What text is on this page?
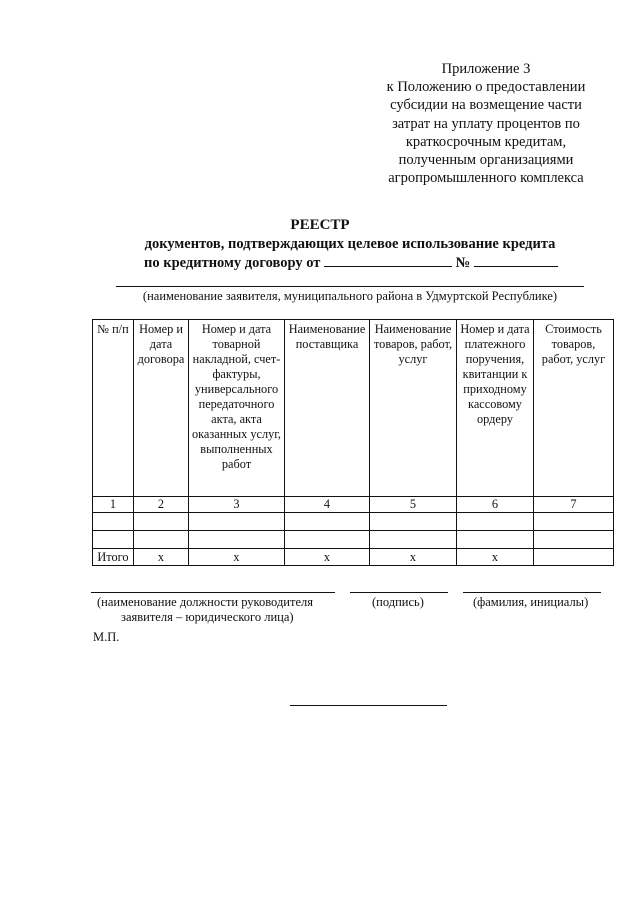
Приложение 3
к Положению о предоставлении
субсидии на возмещение части
затрат на уплату процентов по
краткосрочным кредитам,
полученным организациями
агропромышленного комплекса
РЕЕСТР
документов, подтверждающих целевое использование кредита
по кредитному договору от	№
(наименование заявителя, муниципального района в Удмуртской Республике)
№ п/п	Номер и дата договора	Номер и дата товарной накладной, счет-фактуры, универсального передаточного акта, акта оказанных услуг, выполненных работ	Наименование поставщика	Наименование товаров, работ, услуг	Номер и дата платежного поручения, квитанции к приходному кассовому ордеру	Стоимость товаров, работ, услуг
1	2	3	4	5	6	7

Итого	х	х	х	х	х	
(наименование должности руководителя
заявителя – юридического лица)
(подпись)	(фамилия, инициалы)
М.П.
